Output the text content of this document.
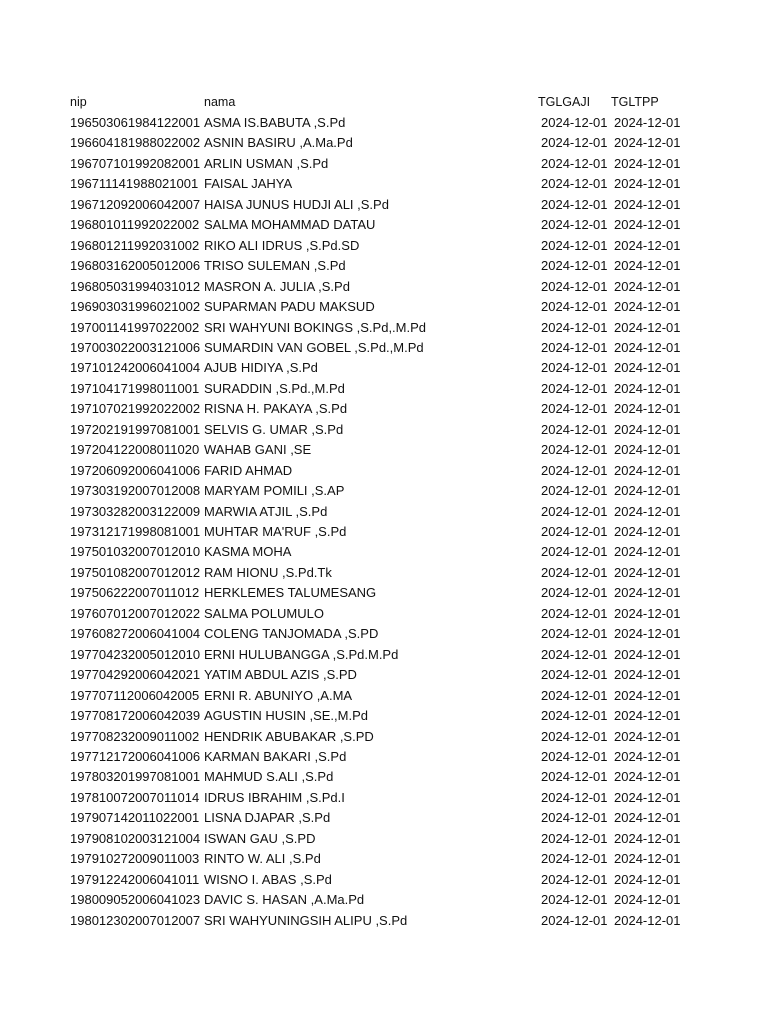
nip	nama	TGLGAJI TGLTPP
196503061984122001 ASMA IS.BABUTA ,S.Pd	2024-12-01 2024-12-01
196604181988022002 ASNIN BASIRU ,A.Ma.Pd	2024-12-01 2024-12-01
196707101992082001 ARLIN USMAN ,S.Pd	2024-12-01 2024-12-01
196711141988021001 FAISAL JAHYA	2024-12-01 2024-12-01
196712092006042007 HAISA JUNUS HUDJI ALI ,S.Pd	2024-12-01 2024-12-01
196801011992022002 SALMA MOHAMMAD DATAU	2024-12-01 2024-12-01
196801211992031002 RIKO ALI IDRUS ,S.Pd.SD	2024-12-01 2024-12-01
196803162005012006 TRISO SULEMAN ,S.Pd	2024-12-01 2024-12-01
196805031994031012 MASRON A. JULIA ,S.Pd	2024-12-01 2024-12-01
196903031996021002 SUPARMAN PADU MAKSUD	2024-12-01 2024-12-01
197001141997022002 SRI WAHYUNI BOKINGS ,S.Pd,.M.Pd	2024-12-01 2024-12-01
197003022003121006 SUMARDIN VAN GOBEL ,S.Pd.,M.Pd	2024-12-01 2024-12-01
197101242006041004 AJUB HIDIYA ,S.Pd	2024-12-01 2024-12-01
197104171998011001 SURADDIN ,S.Pd.,M.Pd	2024-12-01 2024-12-01
197107021992022002 RISNA H. PAKAYA ,S.Pd	2024-12-01 2024-12-01
197202191997081001 SELVIS G. UMAR ,S.Pd	2024-12-01 2024-12-01
197204122008011020 WAHAB GANI ,SE	2024-12-01 2024-12-01
197206092006041006 FARID AHMAD	2024-12-01 2024-12-01
197303192007012008 MARYAM POMILI ,S.AP	2024-12-01 2024-12-01
197303282003122009 MARWIA ATJIL ,S.Pd	2024-12-01 2024-12-01
197312171998081001 MUHTAR MA'RUF ,S.Pd	2024-12-01 2024-12-01
197501032007012010 KASMA MOHA	2024-12-01 2024-12-01
197501082007012012 RAM HIONU ,S.Pd.Tk	2024-12-01 2024-12-01
197506222007011012 HERKLEMES TALUMESANG	2024-12-01 2024-12-01
197607012007012022 SALMA POLUMULO	2024-12-01 2024-12-01
197608272006041004 COLENG TANJOMADA ,S.PD	2024-12-01 2024-12-01
197704232005012010 ERNI HULUBANGGA ,S.Pd.M.Pd	2024-12-01 2024-12-01
197704292006042021 YATIM ABDUL AZIS ,S.PD	2024-12-01 2024-12-01
197707112006042005 ERNI R. ABUNIYO ,A.MA	2024-12-01 2024-12-01
197708172006042039 AGUSTIN HUSIN ,SE.,M.Pd	2024-12-01 2024-12-01
197708232009011002 HENDRIK ABUBAKAR ,S.PD	2024-12-01 2024-12-01
197712172006041006 KARMAN BAKARI ,S.Pd	2024-12-01 2024-12-01
197803201997081001 MAHMUD S.ALI ,S.Pd	2024-12-01 2024-12-01
197810072007011014 IDRUS IBRAHIM ,S.Pd.I	2024-12-01 2024-12-01
197907142011022001 LISNA DJAPAR ,S.Pd	2024-12-01 2024-12-01
197908102003121004 ISWAN GAU ,S.PD	2024-12-01 2024-12-01
197910272009011003 RINTO W. ALI ,S.Pd	2024-12-01 2024-12-01
197912242006041011 WISNO I. ABAS ,S.Pd	2024-12-01 2024-12-01
198009052006041023 DAVIC S. HASAN ,A.Ma.Pd	2024-12-01 2024-12-01
198012302007012007 SRI WAHYUNINGSIH ALIPU ,S.Pd	2024-12-01 2024-12-01
